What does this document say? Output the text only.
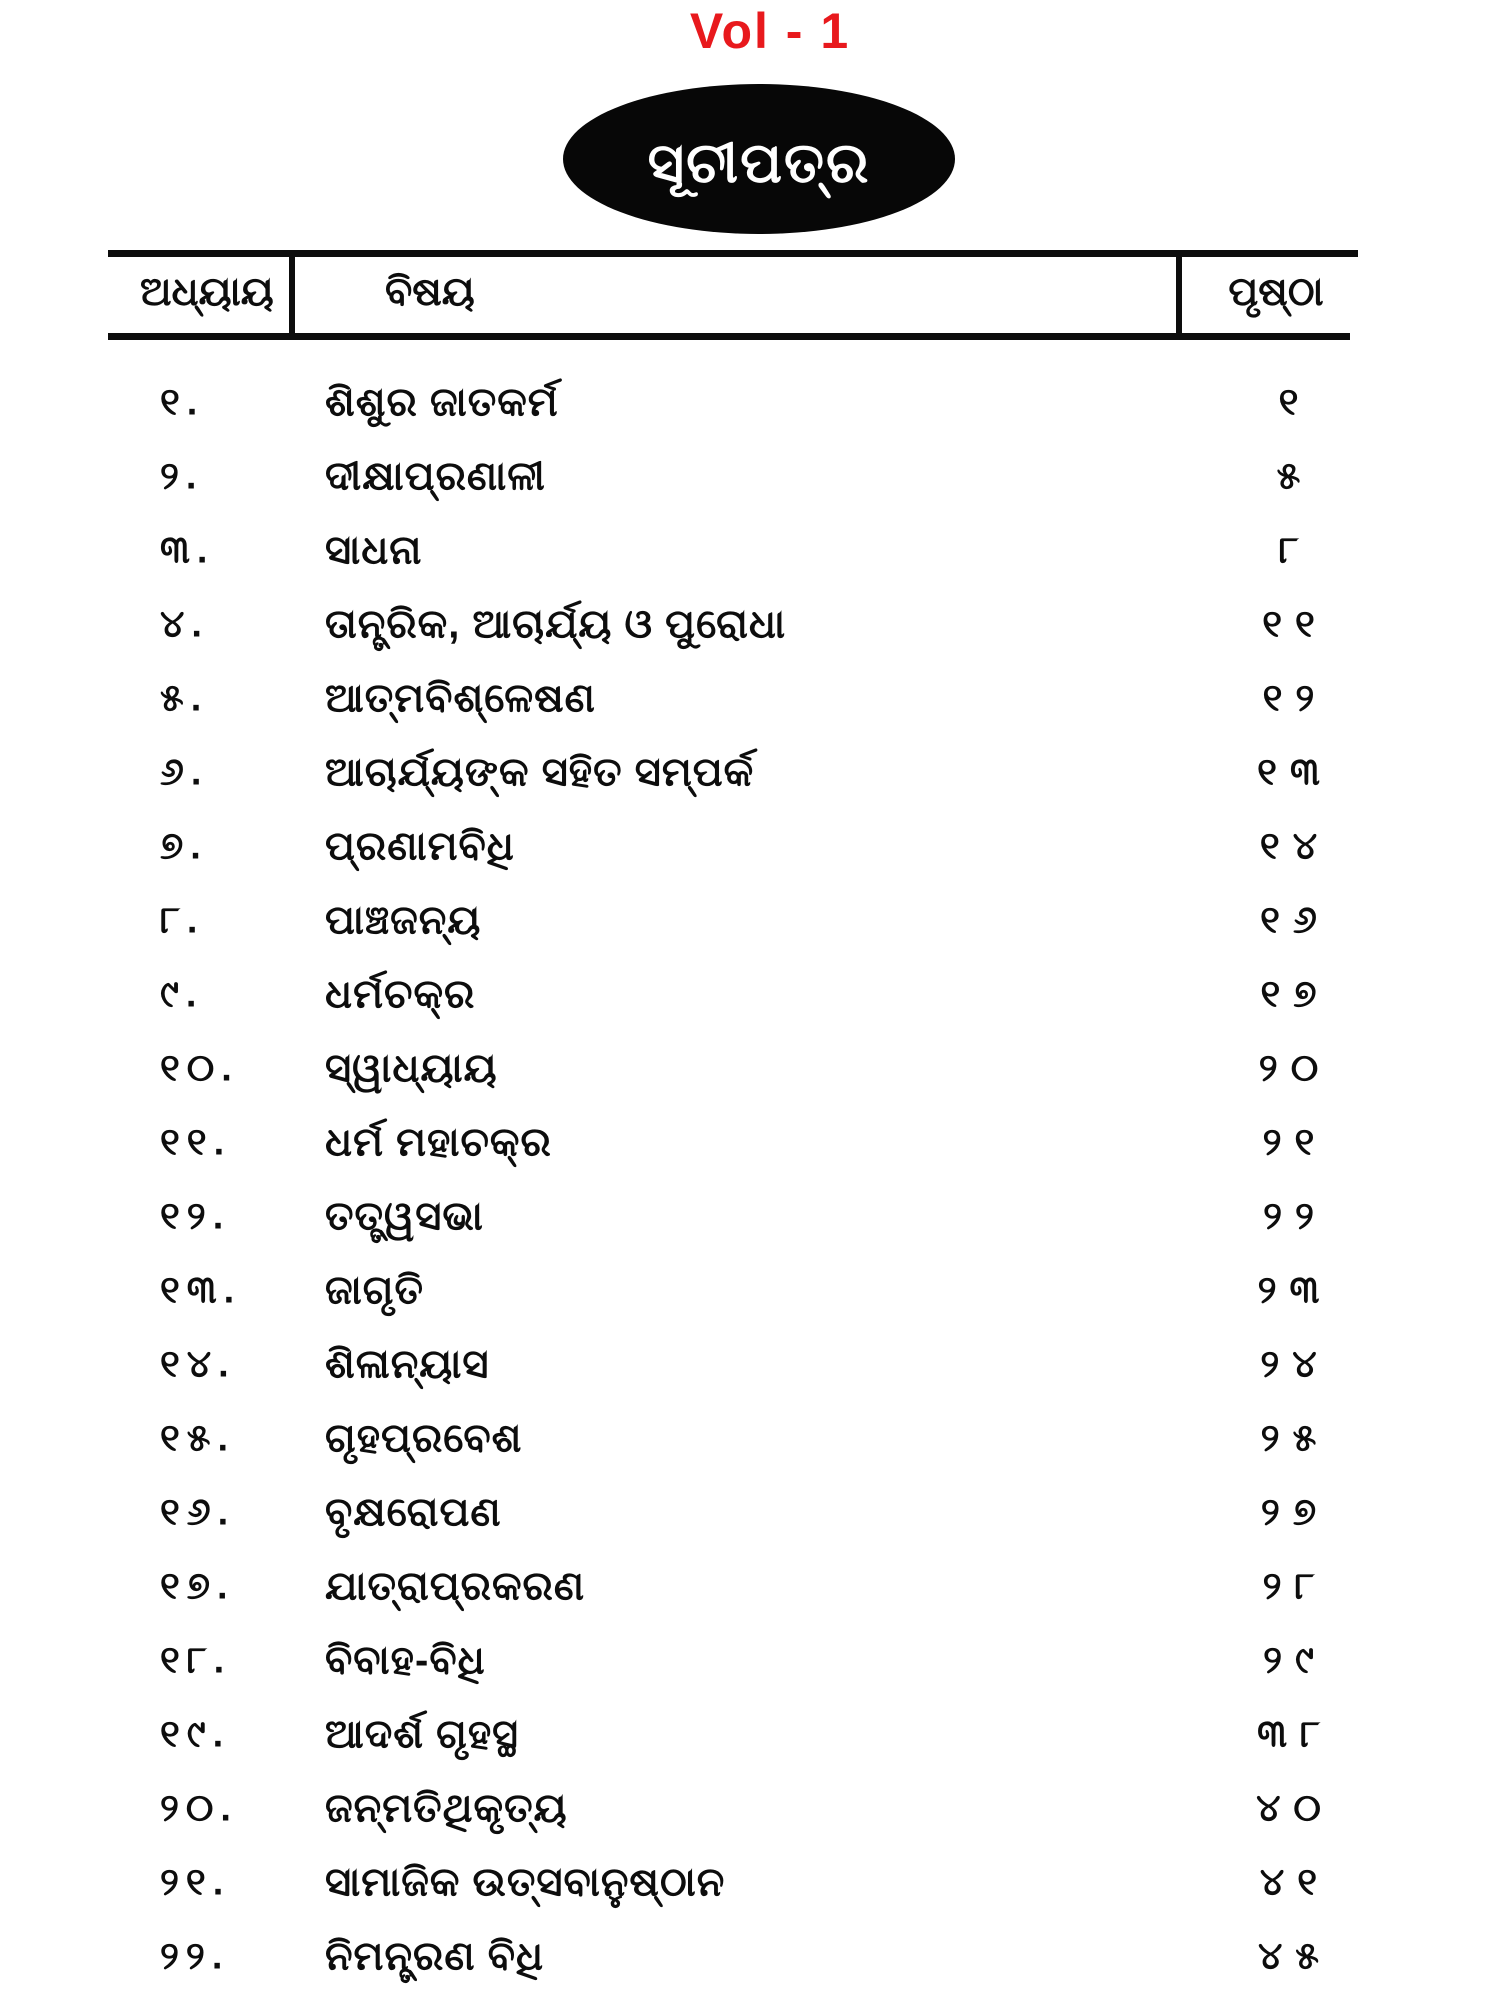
Vol - 1
ସୂଚୀପତ୍ର
ଅଧ୍ୟାୟ	ବିଷୟ	ପୃଷ୍ଠା
୧.	ଶିଶୁର ଜାତକର୍ମ	୧
୨.	ଦୀକ୍ଷାପ୍ରଣାଳୀ	୫
୩.	ସାଧନା	୮
୪.	ତାନ୍ତ୍ରିକ, ଆଚାର୍ଯ୍ୟ ଓ ପୁରୋଧା	୧୧
୫.	ଆତ୍ମବିଶ୍ଳେଷଣ	୧୨
୬.	ଆଚାର୍ଯ୍ୟଙ୍କ ସହିତ ସମ୍ପର୍କ	୧୩
୭.	ପ୍ରଣାମବିଧି	୧୪
୮.	ପାଞ୍ଚଜନ୍ୟ	୧୬
୯.	ଧର୍ମଚକ୍ର	୧୭
୧୦. ସ୍ୱାଧ୍ୟାୟ	୨୦
୧୧. ଧର୍ମ ମହାଚକ୍ର	୨୧
୧୨. ତତ୍ତ୍ୱସଭା	୨୨
୧୩. ଜାଗୃତି	୨୩
୧୪. ଶିଳାନ୍ୟାସ	୨୪
୧୫. ଗୃହପ୍ରବେଶ	୨୫
୧୬. ବୃକ୍ଷରୋପଣ	୨୭
୧୭. ଯାତ୍ରାପ୍ରକରଣ	୨୮
୧୮. ବିବାହ-ବିଧି	୨୯
୧୯. ଆଦର୍ଶ ଗୃହସ୍ଥ	୩୮
୨୦. ଜନ୍ମତିଥିକୃତ୍ୟ	୪୦
୨୧. ସାମାଜିକ ଉତ୍ସବାନୁଷ୍ଠାନ	୪୧
୨୨. ନିମନ୍ତ୍ରଣ ବିଧି	୪୫
